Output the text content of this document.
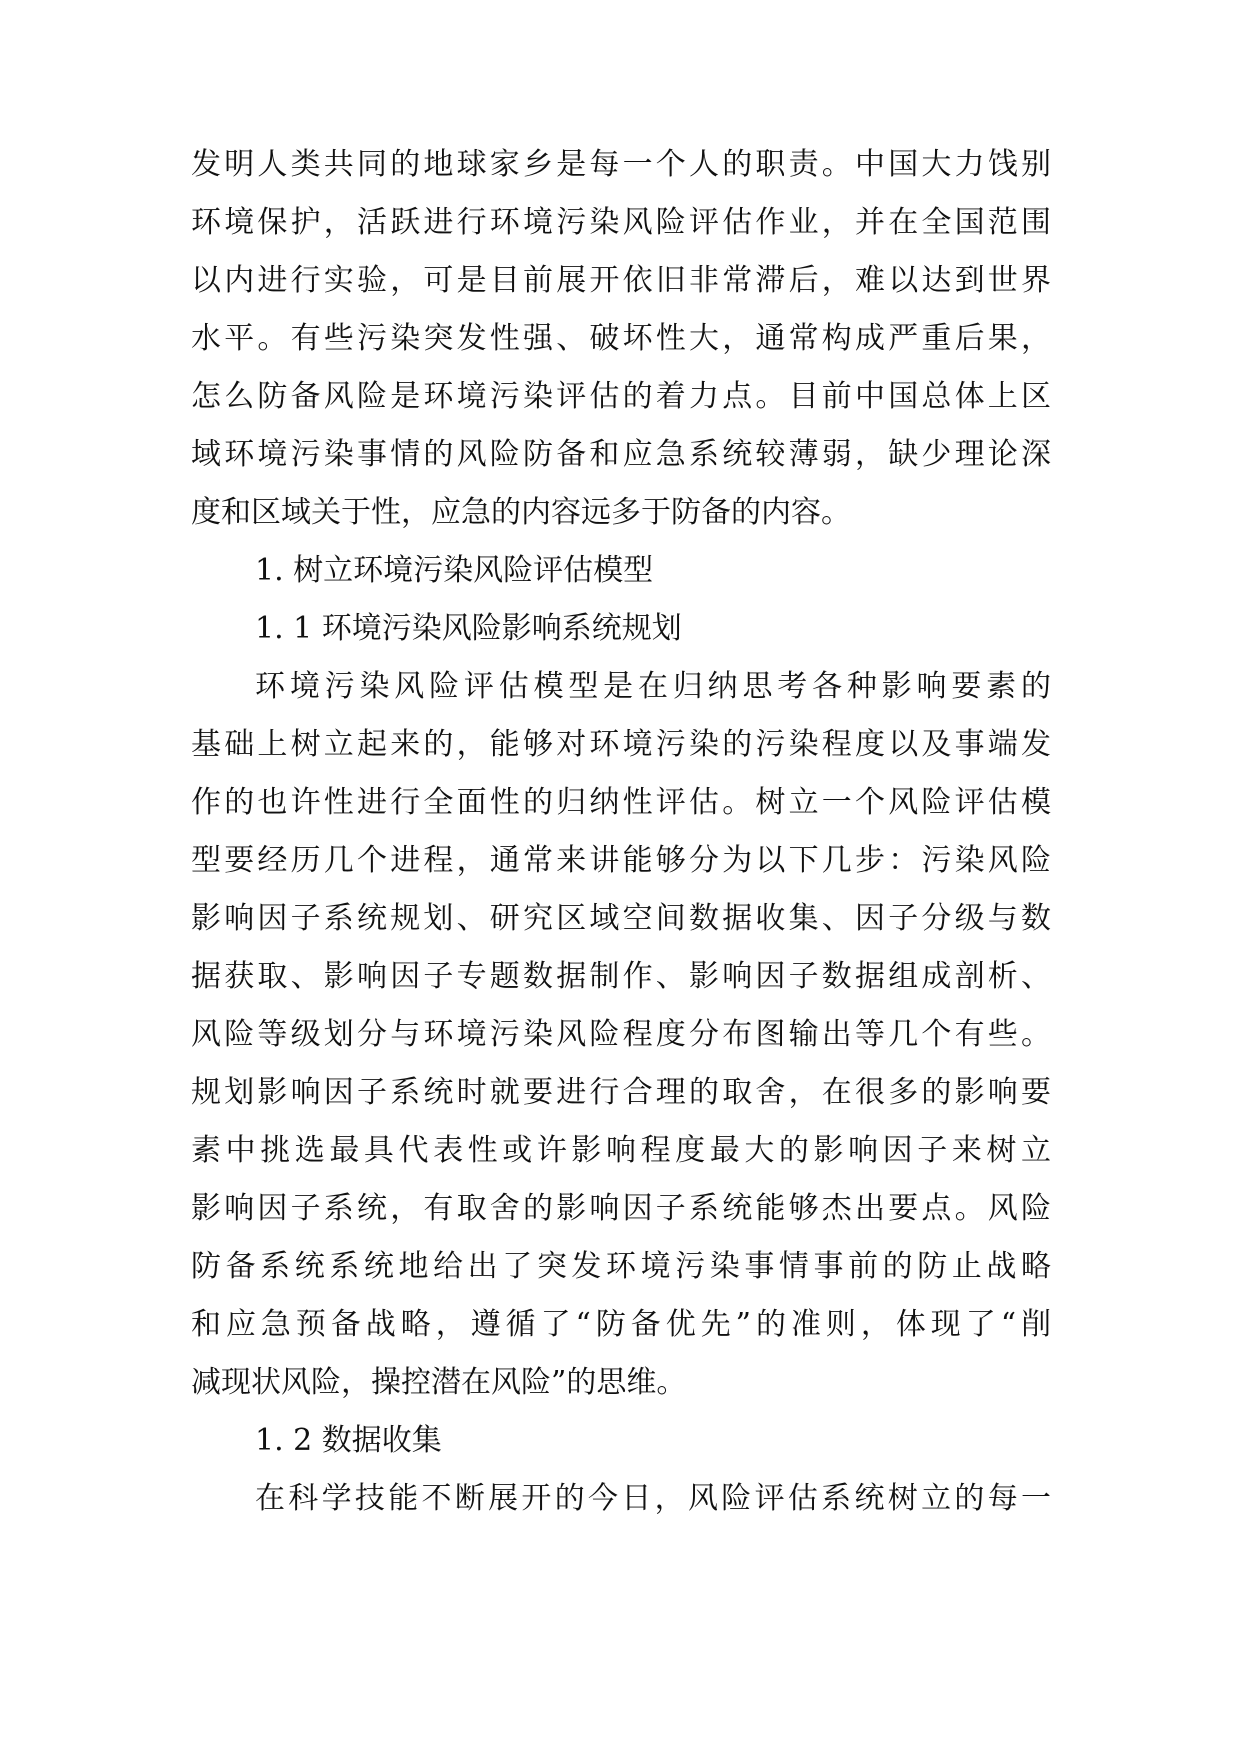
发明人类共同的地球家乡是每一个人的职责。中国大力饯别
环境保护，活跃进行环境污染风险评估作业，并在全国范围
以内进行实验，可是目前展开依旧非常滞后，难以达到世界
水平。有些污染突发性强、破坏性大，通常构成严重后果，
怎么防备风险是环境污染评估的着力点。目前中国总体上区
域环境污染事情的风险防备和应急系统较薄弱，缺少理论深
度和区域关于性，应急的内容远多于防备的内容。
1. 树立环境污染风险评估模型
1. 1 环境污染风险影响系统规划
环境污染风险评估模型是在归纳思考各种影响要素的
基础上树立起来的，能够对环境污染的污染程度以及事端发
作的也许性进行全面性的归纳性评估。树立一个风险评估模
型要经历几个进程，通常来讲能够分为以下几步：污染风险
影响因子系统规划、研究区域空间数据收集、因子分级与数
据获取、影响因子专题数据制作、影响因子数据组成剖析、
风险等级划分与环境污染风险程度分布图输出等几个有些。
规划影响因子系统时就要进行合理的取舍，在很多的影响要
素中挑选最具代表性或许影响程度最大的影响因子来树立
影响因子系统，有取舍的影响因子系统能够杰出要点。风险
防备系统系统地给出了突发环境污染事情事前的防止战略
和应急预备战略，遵循了“防备优先”的准则，体现了“削
减现状风险，操控潜在风险”的思维。
1. 2 数据收集
在科学技能不断展开的今日，风险评估系统树立的每一
